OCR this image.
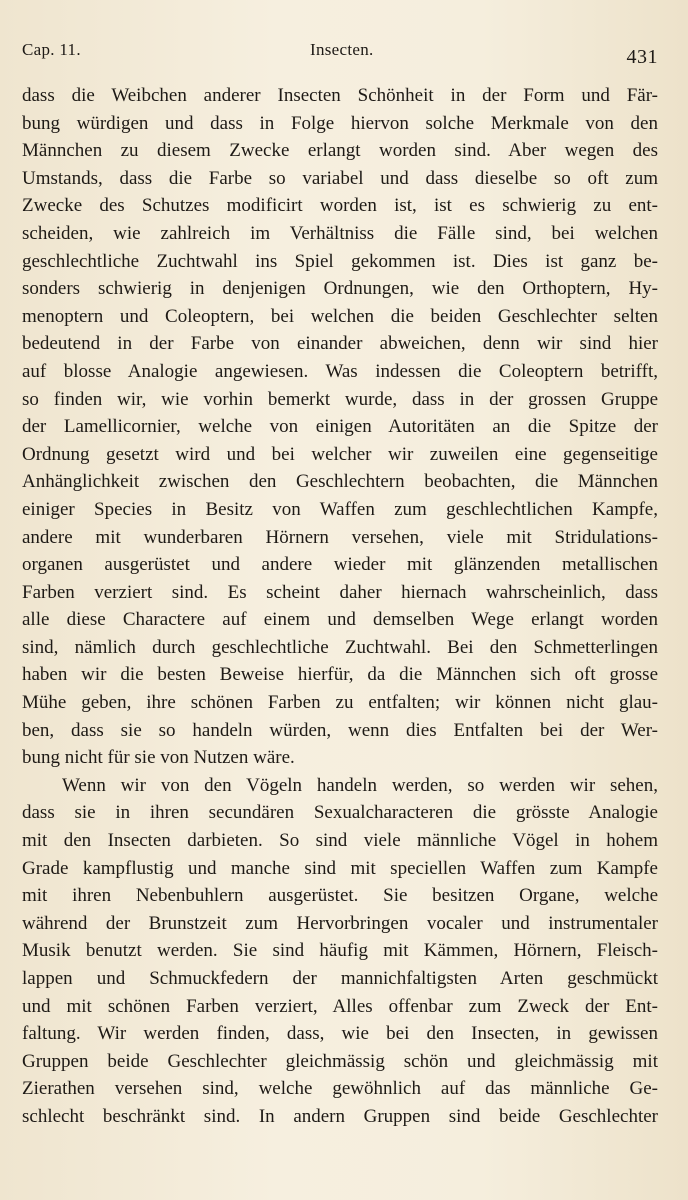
Cap. 11.	Insecten.	431
dass die Weibchen anderer Insecten Schönheit in der Form und Fär-
bung würdigen und dass in Folge hiervon solche Merkmale von den
Männchen zu diesem Zwecke erlangt worden sind. Aber wegen des
Umstands, dass die Farbe so variabel und dass dieselbe so oft zum
Zwecke des Schutzes modificirt worden ist, ist es schwierig zu ent-
scheiden, wie zahlreich im Verhältniss die Fälle sind, bei welchen
geschlechtliche Zuchtwahl ins Spiel gekommen ist. Dies ist ganz be-
sonders schwierig in denjenigen Ordnungen, wie den Orthoptern, Hy-
menoptern und Coleoptern, bei welchen die beiden Geschlechter selten
bedeutend in der Farbe von einander abweichen, denn wir sind hier
auf blosse Analogie angewiesen. Was indessen die Coleoptern betrifft,
so finden wir, wie vorhin bemerkt wurde, dass in der grossen Gruppe
der Lamellicornier, welche von einigen Autoritäten an die Spitze der
Ordnung gesetzt wird und bei welcher wir zuweilen eine gegenseitige
Anhänglichkeit zwischen den Geschlechtern beobachten, die Männchen
einiger Species in Besitz von Waffen zum geschlechtlichen Kampfe,
andere mit wunderbaren Hörnern versehen, viele mit Stridulations-
organen ausgerüstet und andere wieder mit glänzenden metallischen
Farben verziert sind. Es scheint daher hiernach wahrscheinlich, dass
alle diese Charactere auf einem und demselben Wege erlangt worden
sind, nämlich durch geschlechtliche Zuchtwahl. Bei den Schmetterlingen
haben wir die besten Beweise hierfür, da die Männchen sich oft grosse
Mühe geben, ihre schönen Farben zu entfalten; wir können nicht glau-
ben, dass sie so handeln würden, wenn dies Entfalten bei der Wer-
bung nicht für sie von Nutzen wäre.
Wenn wir von den Vögeln handeln werden, so werden wir sehen,
dass sie in ihren secundären Sexualcharacteren die grösste Analogie
mit den Insecten darbieten. So sind viele männliche Vögel in hohem
Grade kampflustig und manche sind mit speciellen Waffen zum Kampfe
mit ihren Nebenbuhlern ausgerüstet. Sie besitzen Organe, welche
während der Brunstzeit zum Hervorbringen vocaler und instrumentaler
Musik benutzt werden. Sie sind häufig mit Kämmen, Hörnern, Fleisch-
lappen und Schmuckfedern der mannichfaltigsten Arten geschmückt
und mit schönen Farben verziert, Alles offenbar zum Zweck der Ent-
faltung. Wir werden finden, dass, wie bei den Insecten, in gewissen
Gruppen beide Geschlechter gleichmässig schön und gleichmässig mit
Zierathen versehen sind, welche gewöhnlich auf das männliche Ge-
schlecht beschränkt sind. In andern Gruppen sind beide Geschlechter
